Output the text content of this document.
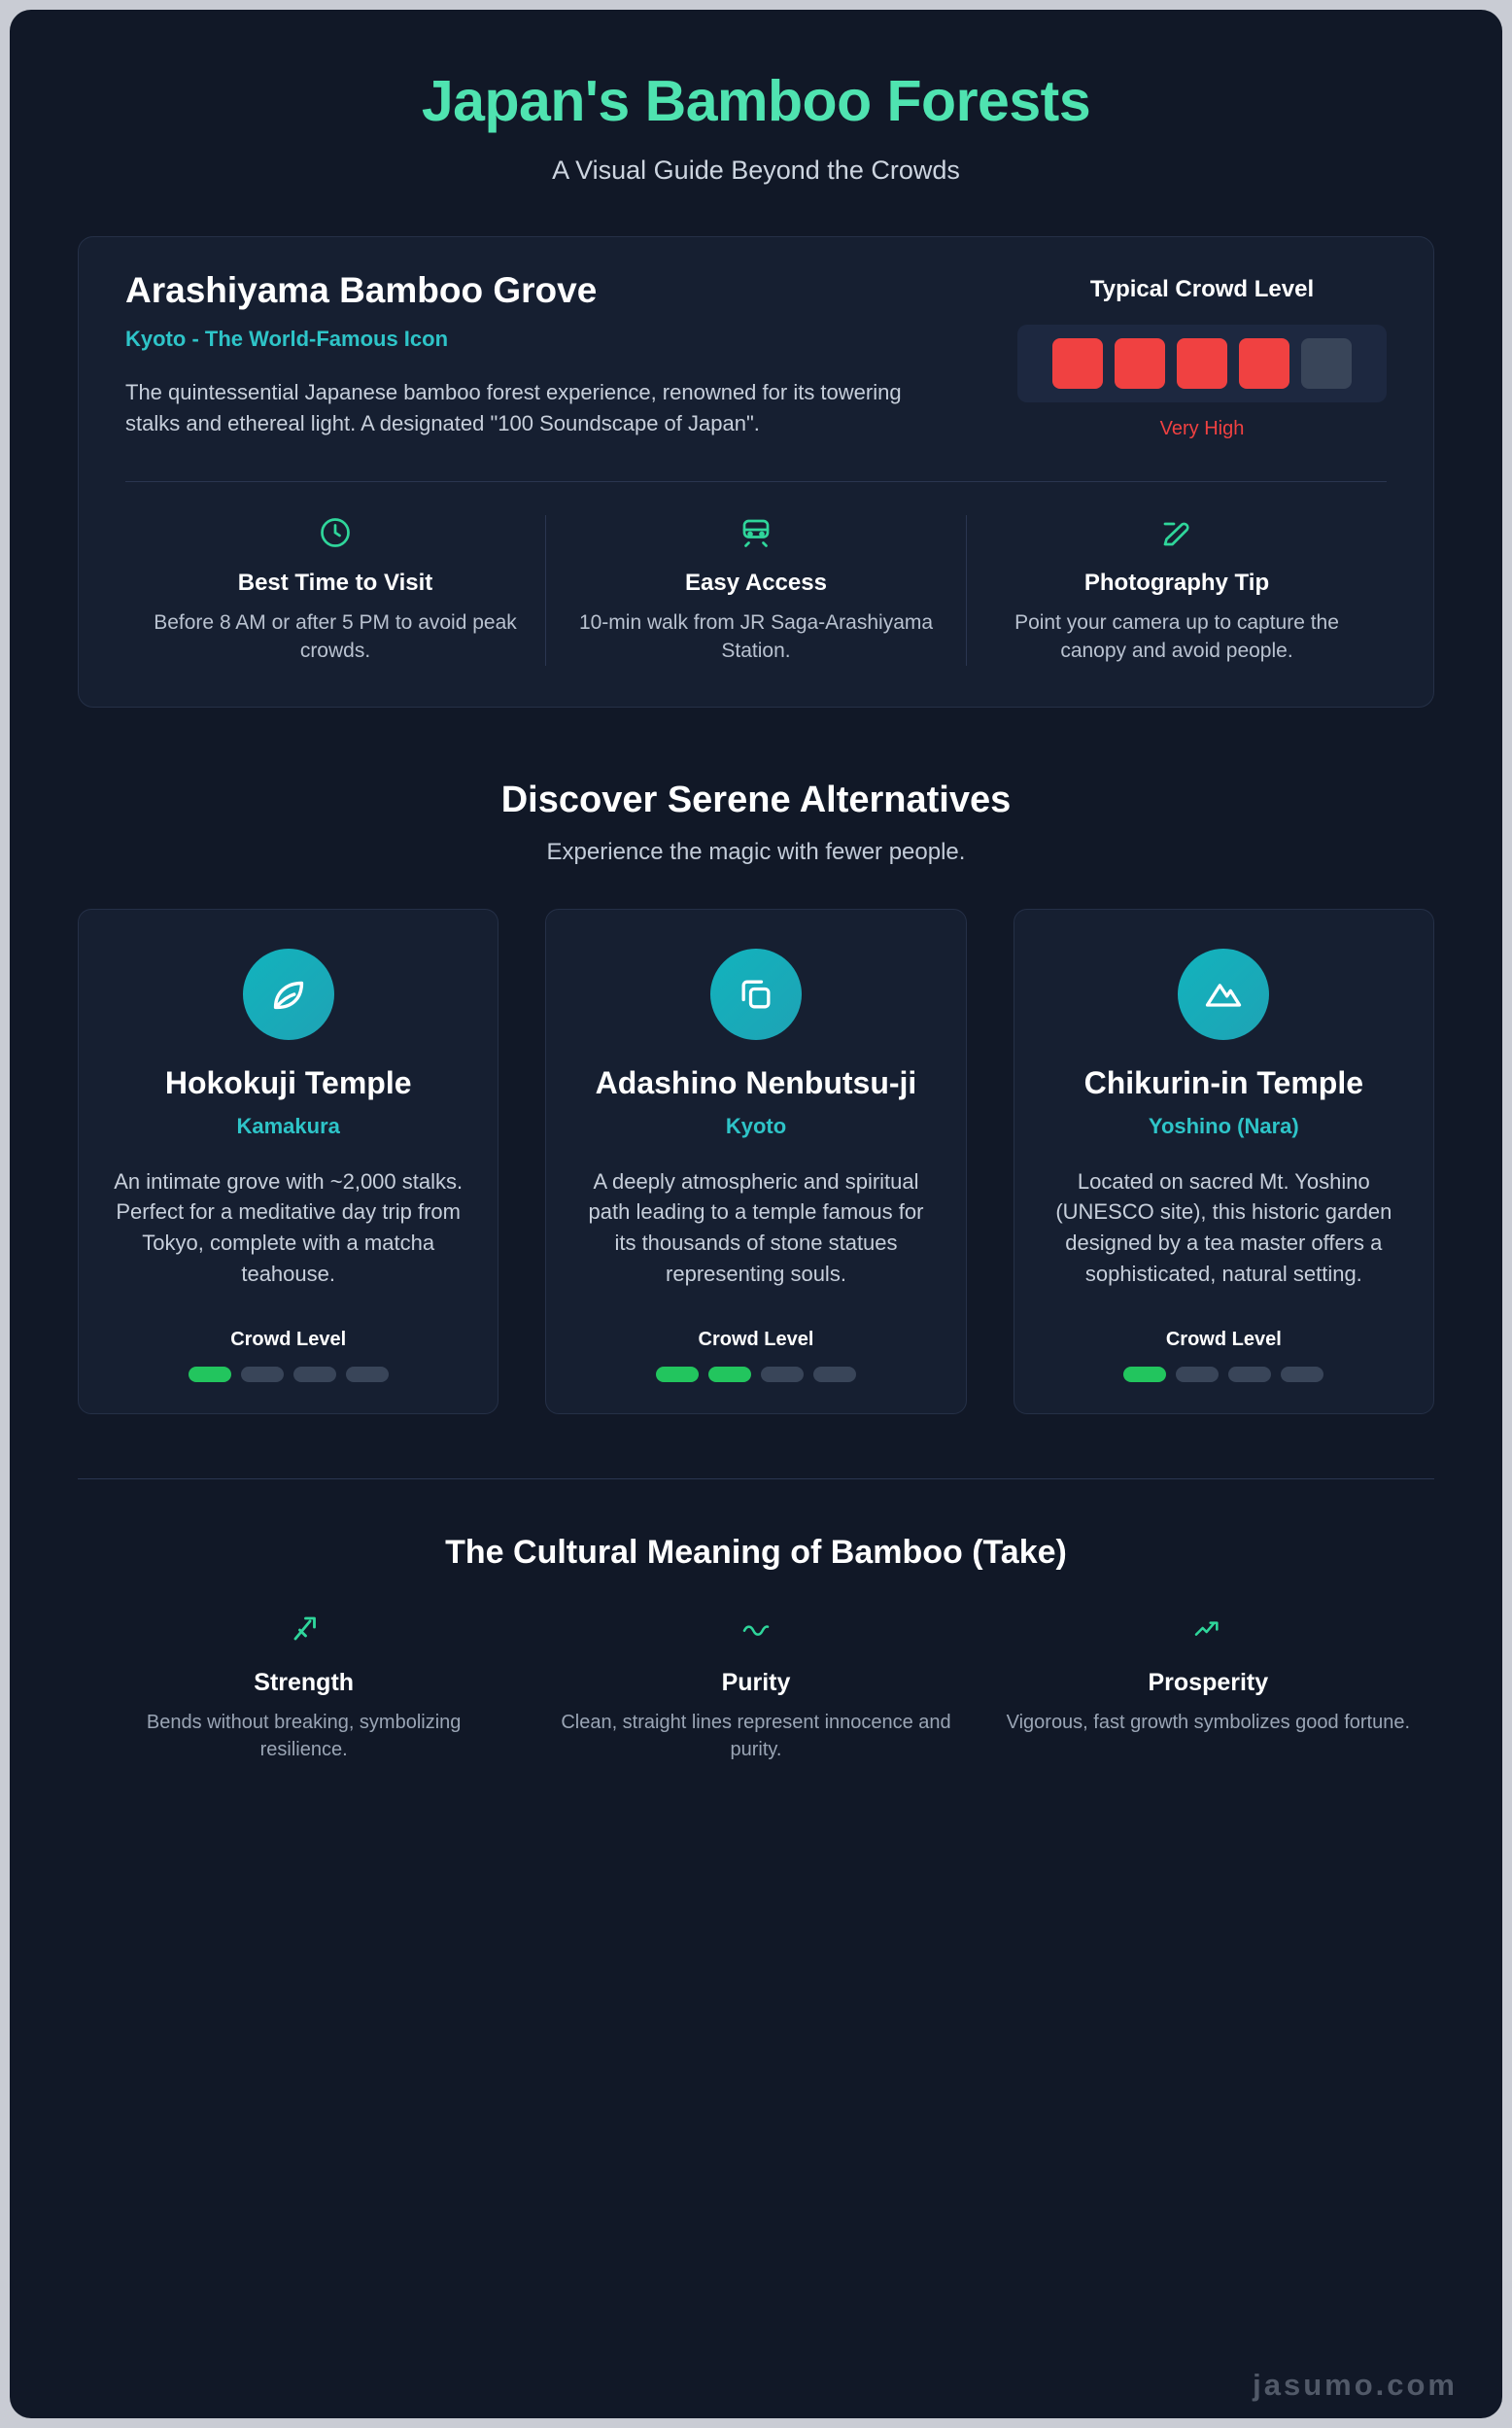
Japan's Bamboo Forests

A Visual Guide Beyond the Crowds

Arashiyama Bamboo Grove

Kyoto - The World-Famous Icon

The quintessential Japanese bamboo forest experience, renowned for its towering stalks and ethereal light. A designated "100 Soundscape of Japan".

Typical Crowd Level
Very High
Best Time to Visit

Before 8 AM or after 5 PM to avoid peak crowds.

Easy Access

10-min walk from JR Saga-Arashiyama Station.

Photography Tip

Point your camera up to capture the canopy and avoid people.

Discover Serene Alternatives

Experience the magic with fewer people.

Hokokuji Temple
Kamakura

An intimate grove with ~2,000 stalks. Perfect for a meditative day trip from Tokyo, complete with a matcha teahouse.

Crowd Level
Adashino Nenbutsu-ji
Kyoto

A deeply atmospheric and spiritual path leading to a temple famous for its thousands of stone statues representing souls.

Crowd Level
Chikurin-in Temple
Yoshino (Nara)

Located on sacred Mt. Yoshino (UNESCO site), this historic garden designed by a tea master offers a sophisticated, natural setting.

Crowd Level
The Cultural Meaning of Bamboo (Take)
Strength

Bends without breaking, symbolizing resilience.

Purity

Clean, straight lines represent innocence and purity.

Prosperity

Vigorous, fast growth symbolizes good fortune.

jasumo.com
